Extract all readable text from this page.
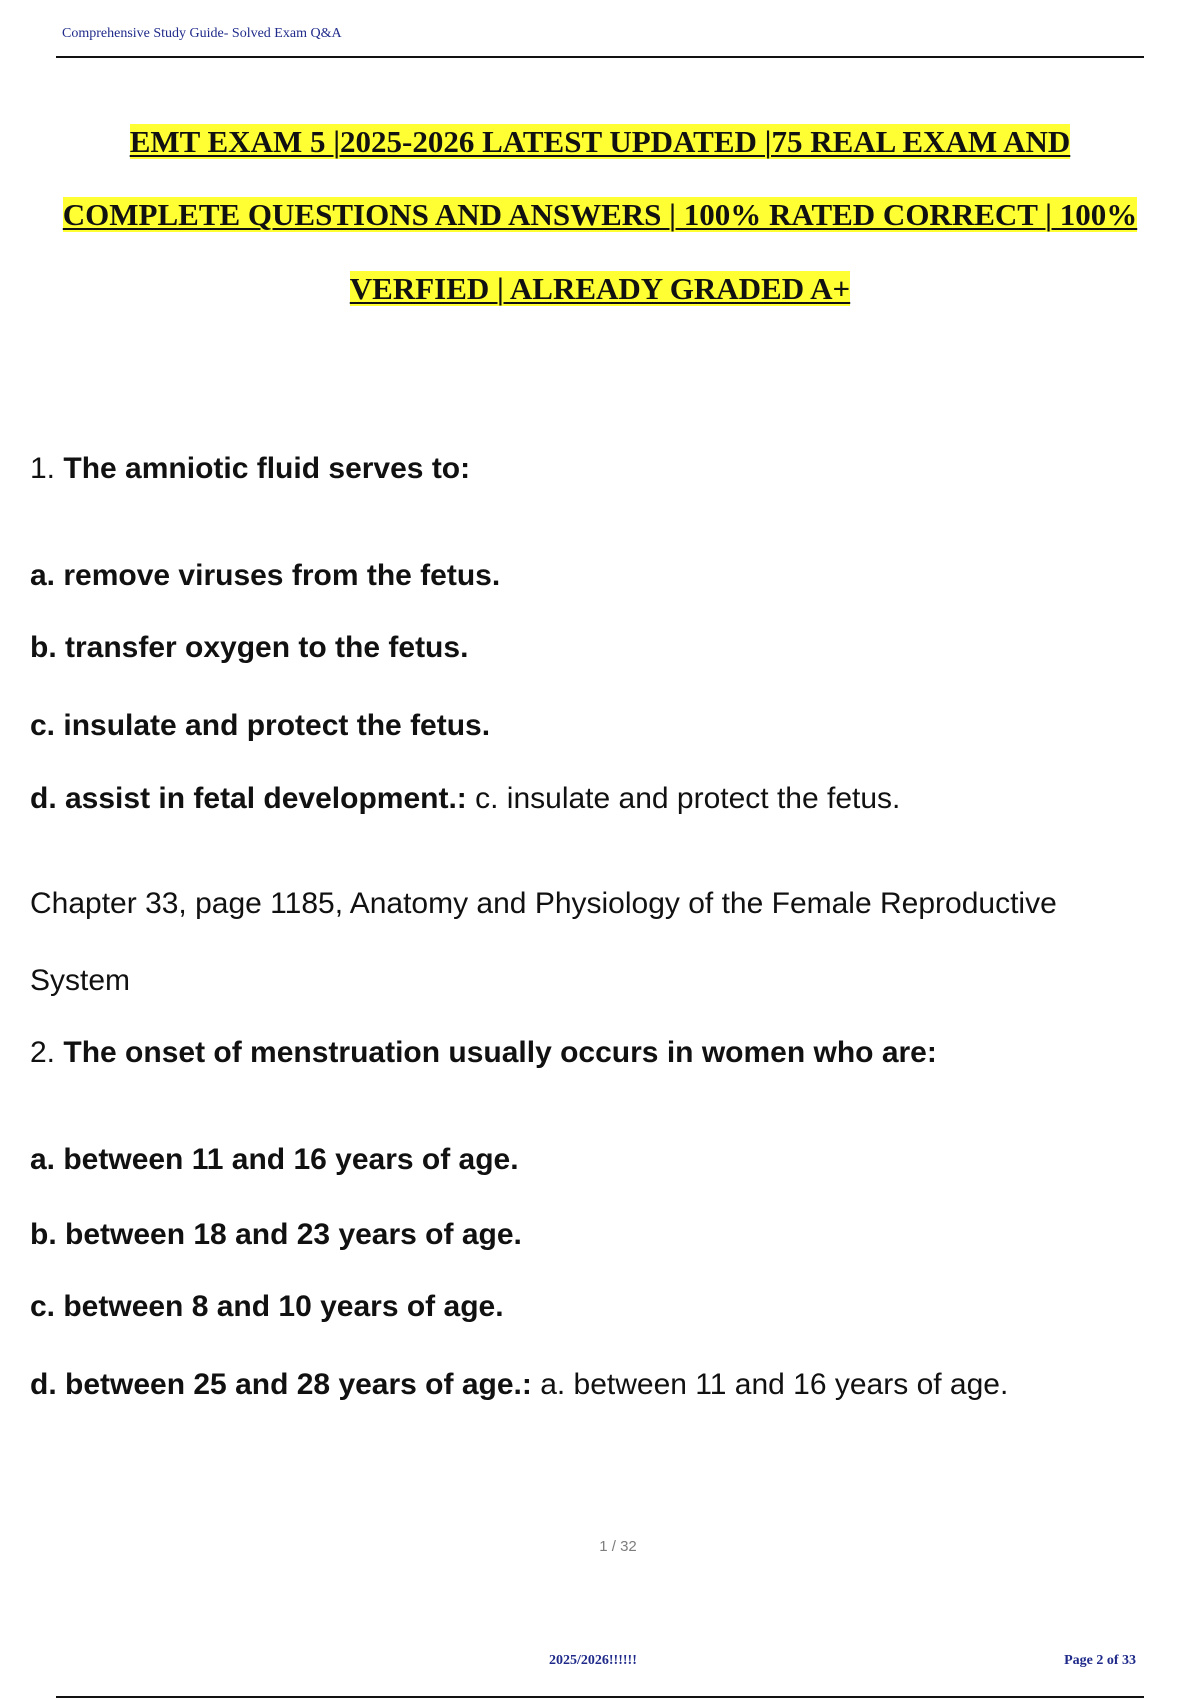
Comprehensive Study Guide- Solved Exam Q&A
EMT EXAM 5 |2025-2026 LATEST UPDATED |75 REAL EXAM AND
COMPLETE QUESTIONS AND ANSWERS | 100% RATED CORRECT | 100%
VERFIED | ALREADY GRADED A+
1. The amniotic fluid serves to:
a. remove viruses from the fetus.
b. transfer oxygen to the fetus.
c. insulate and protect the fetus.
d. assist in fetal development.: c. insulate and protect the fetus.
Chapter 33, page 1185, Anatomy and Physiology of the Female Reproductive
System
2. The onset of menstruation usually occurs in women who are:
a. between 11 and 16 years of age.
b. between 18 and 23 years of age.
c. between 8 and 10 years of age.
d. between 25 and 28 years of age.: a. between 11 and 16 years of age.
1 / 32
2025/2026!!!!!!	Page 2 of 33
